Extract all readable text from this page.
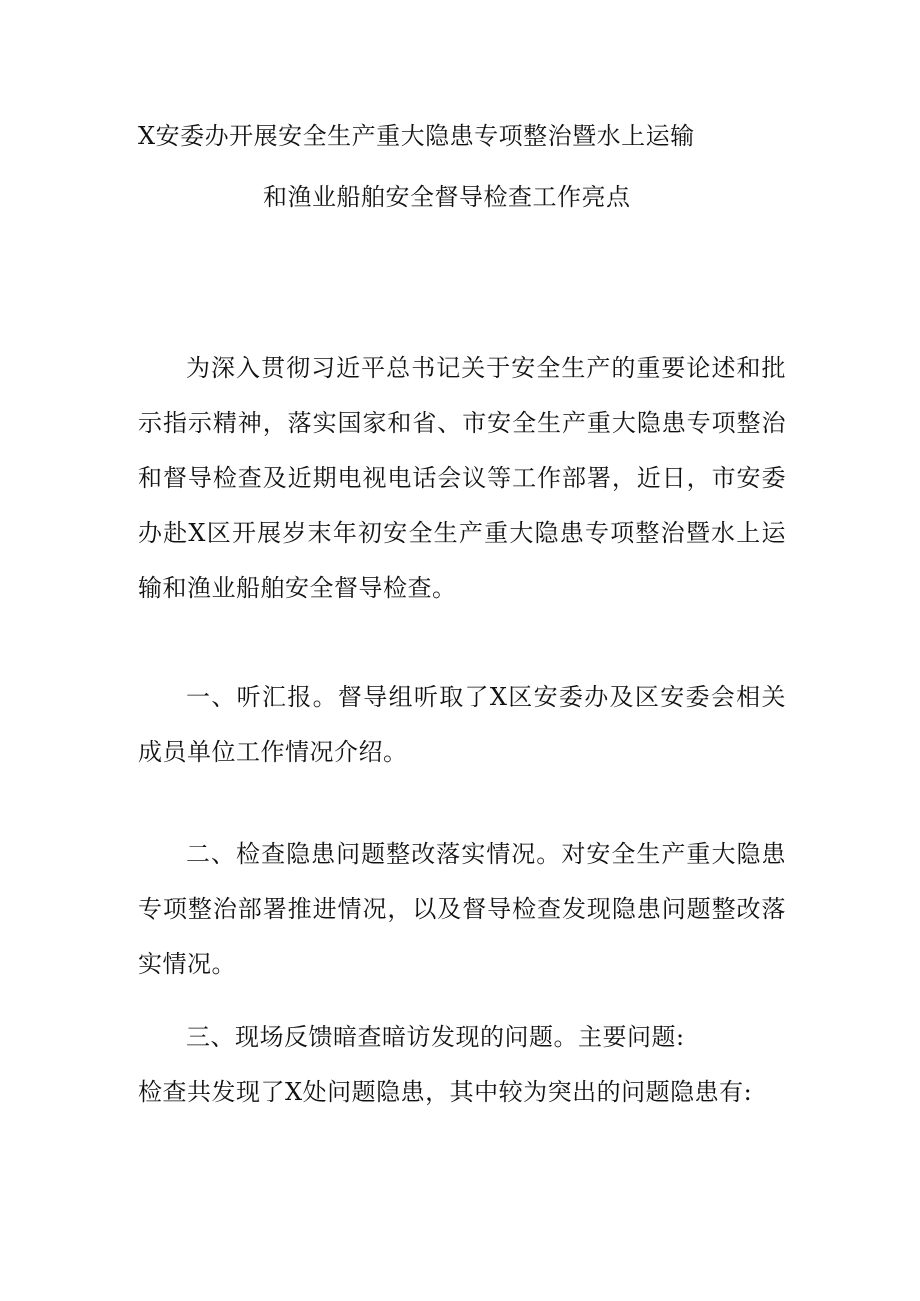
X安委办开展安全生产重大隐患专项整治暨水上运输
和渔业船舶安全督导检查工作亮点

为深入贯彻习近平总书记关于安全生产的重要论述和批示指示精神，落实国家和省、市安全生产重大隐患专项整治和督导检查及近期电视电话会议等工作部署，近日，市安委办赴X区开展岁末年初安全生产重大隐患专项整治暨水上运输和渔业船舶安全督导检查。

一、听汇报。督导组听取了X区安委办及区安委会相关成员单位工作情况介绍。

二、检查隐患问题整改落实情况。对安全生产重大隐患专项整治部署推进情况，以及督导检查发现隐患问题整改落实情况。

三、现场反馈暗查暗访发现的问题。主要问题:

检查共发现了X处问题隐患，其中较为突出的问题隐患有:
